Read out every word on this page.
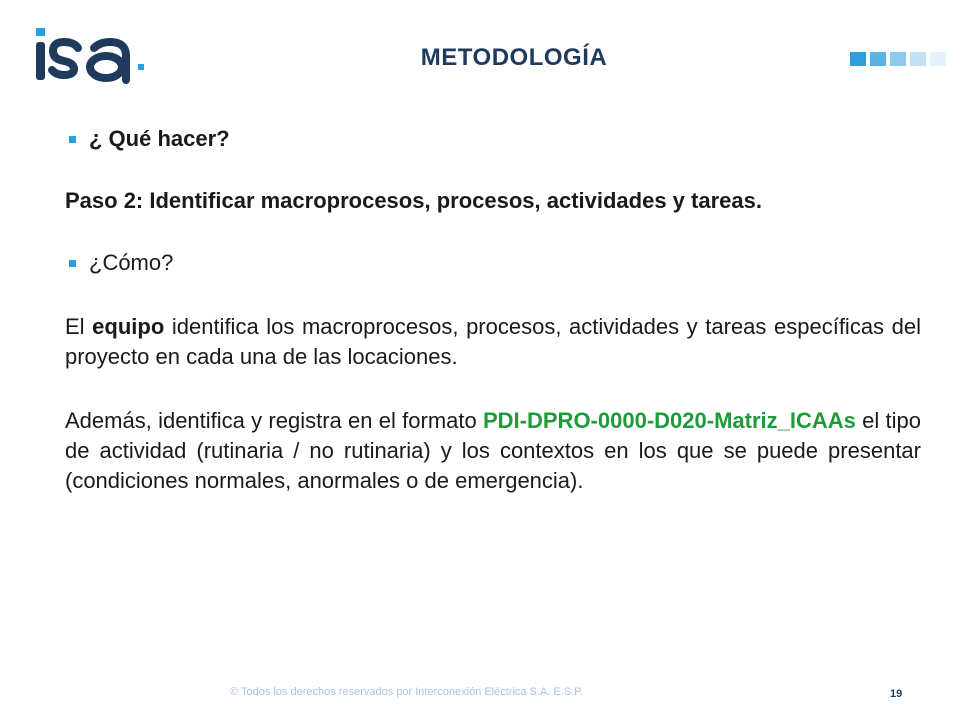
METODOLOGÍA
¿ Qué hacer?
Paso 2: Identificar macroprocesos, procesos, actividades y tareas.
¿Cómo?
El equipo identifica los macroprocesos, procesos, actividades y tareas específicas del proyecto en cada una de las locaciones.
Además, identifica y registra en el formato PDI-DPRO-0000-D020-Matriz_ICAAs el tipo de actividad (rutinaria / no rutinaria) y los contextos en los que se puede presentar (condiciones normales, anormales o de emergencia).
© Todos los derechos reservados por Interconexión Eléctrica S.A. E.S.P.	19
